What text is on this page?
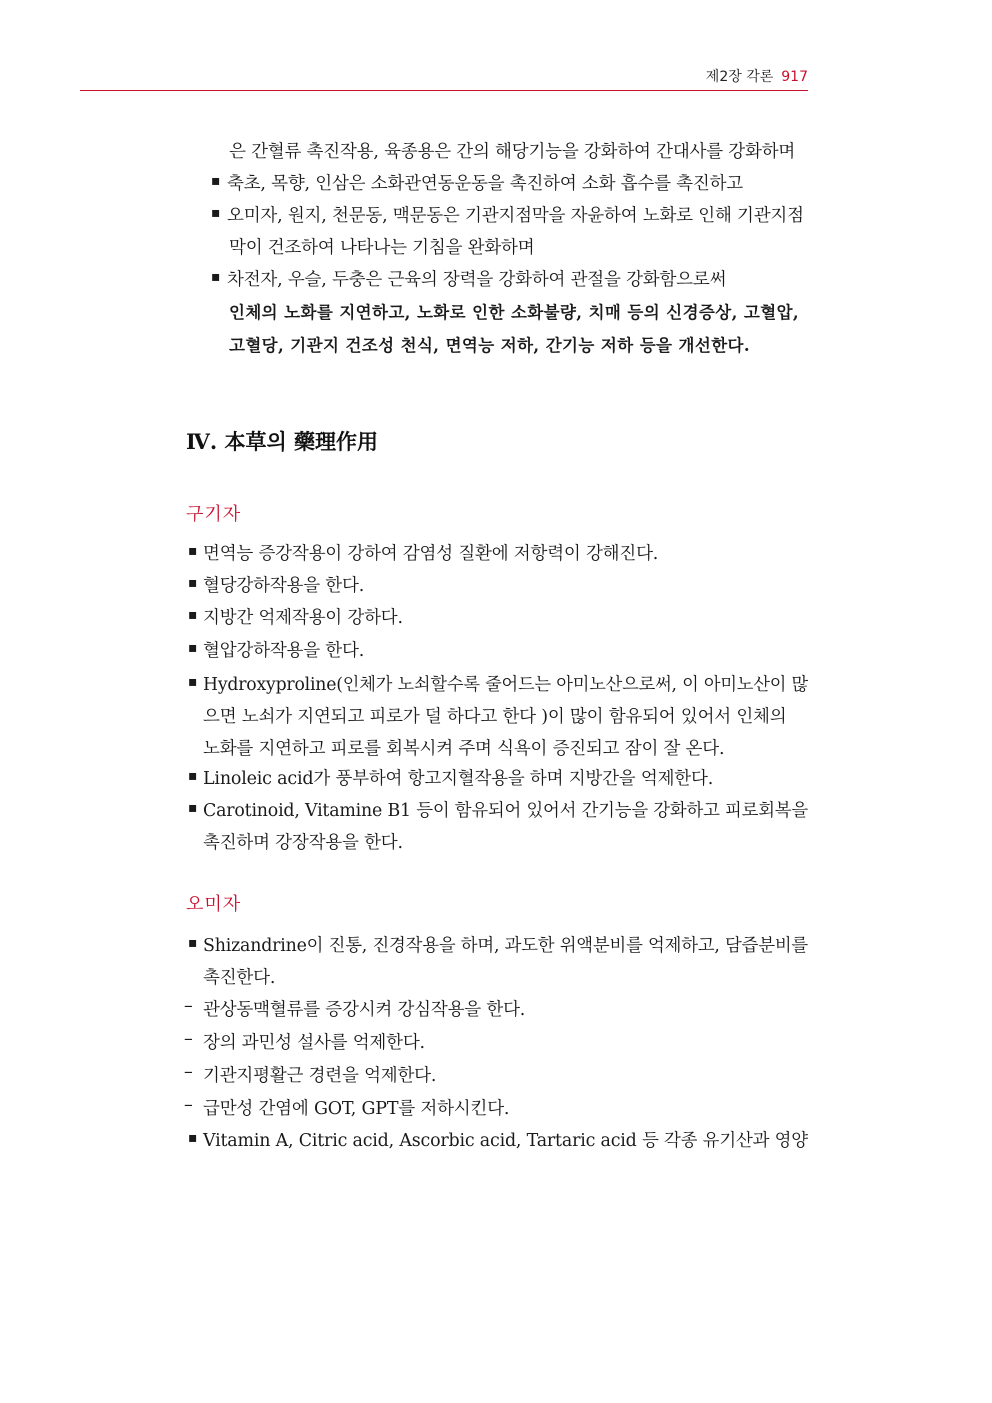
제2장 각론 917
은 간혈류 촉진작용, 육종용은 간의 해당기능을 강화하여 간대사를 강화하며
▪ 축초, 목향, 인삼은 소화관연동운동을 촉진하여 소화 흡수를 촉진하고
▪ 오미자, 원지, 천문동, 맥문동은 기관지점막을 자윤하여 노화로 인해 기관지점
막이 건조하여 나타나는 기침을 완화하며
▪ 차전자, 우슬, 두충은 근육의 장력을 강화하여 관절을 강화함으로써
인체의 노화를 지연하고, 노화로 인한 소화불량, 치매 등의 신경증상, 고혈압,
고혈당, 기관지 건조성 천식, 면역능 저하, 간기능 저하 등을 개선한다.
Ⅳ. 本草의 藥理作用
구기자
▪ 면역능 증강작용이 강하여 감염성 질환에 저항력이 강해진다.
▪ 혈당강하작용을 한다.
▪ 지방간 억제작용이 강하다.
▪ 혈압강하작용을 한다.
▪ Hydroxyproline(인체가 노쇠할수록 줄어드는 아미노산으로써, 이 아미노산이 많
으면 노쇠가 지연되고 피로가 덜 하다고 한다 )이 많이 함유되어 있어서 인체의
노화를 지연하고 피로를 회복시켜 주며 식욕이 증진되고 잠이 잘 온다.
▪ Linoleic acid가 풍부하여 항고지혈작용을 하며 지방간을 억제한다.
▪ Carotinoid, Vitamine B1 등이 함유되어 있어서 간기능을 강화하고 피로회복을
촉진하며 강장작용을 한다.
오미자
▪ Shizandrine이 진통, 진경작용을 하며, 과도한 위액분비를 억제하고, 담즙분비를
촉진한다.
– 관상동맥혈류를 증강시켜 강심작용을 한다.
– 장의 과민성 설사를 억제한다.
– 기관지평활근 경련을 억제한다.
– 급만성 간염에 GOT, GPT를 저하시킨다.
▪ Vitamin A, Citric acid, Ascorbic acid, Tartaric acid 등 각종 유기산과 영양
